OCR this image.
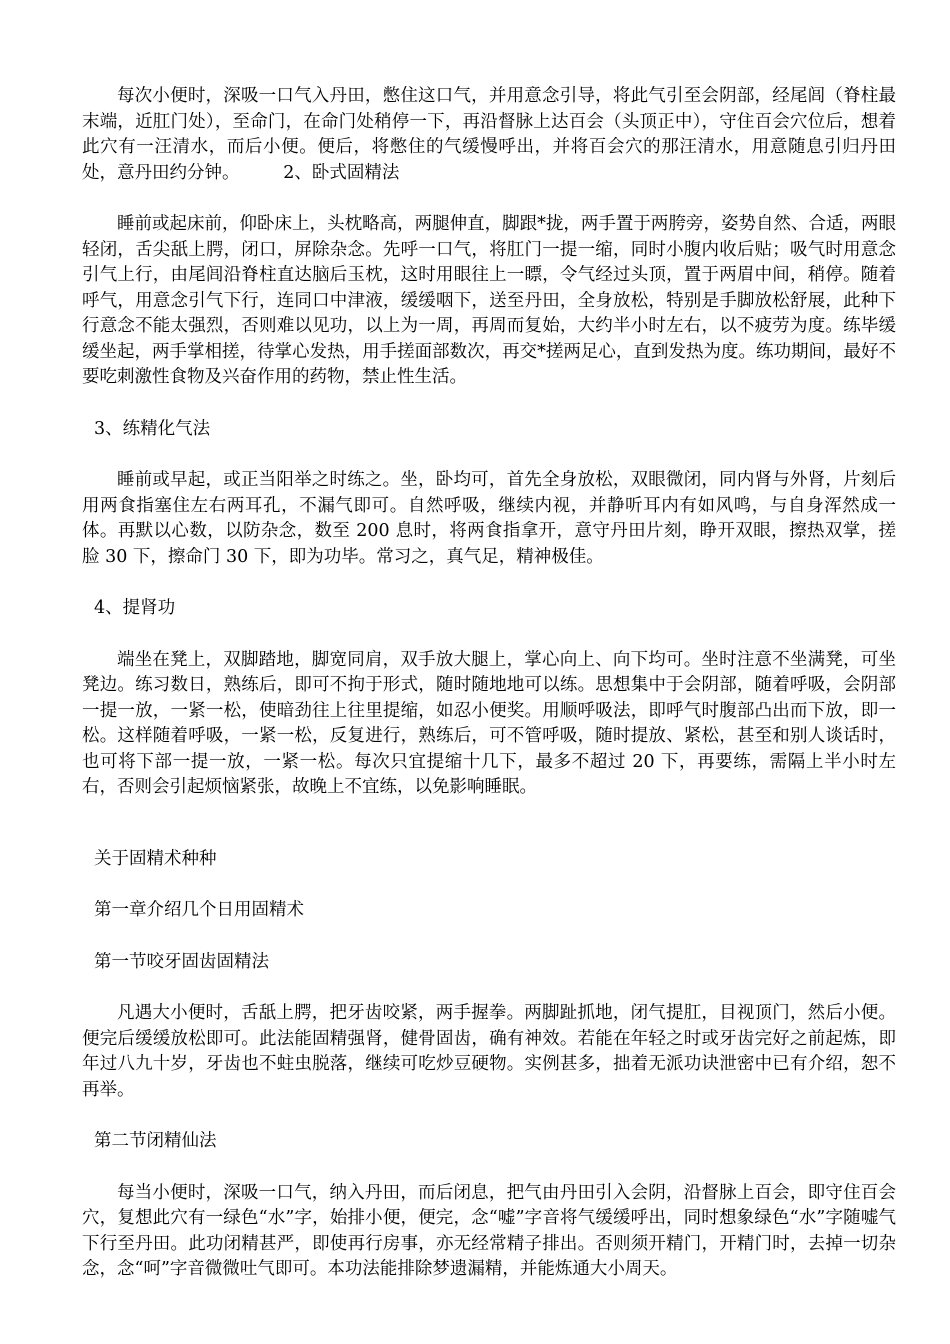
每次小便时，深吸一口气入丹田，憋住这口气，并用意念引导，将此气引至会阴部，经尾闾（脊柱最末端，近肛门处），至命门，在命门处稍停一下，再沿督脉上达百会（头顶正中），守住百会穴位后，想着此穴有一汪清水，而后小便。便后，将憋住的气缓慢呼出，并将百会穴的那汪清水，用意随息引归丹田处，意丹田约分钟。　　　2、卧式固精法

睡前或起床前，仰卧床上，头枕略高，两腿伸直，脚跟*拢，两手置于两胯旁，姿势自然、合适，两眼轻闭，舌尖舐上腭，闭口，屏除杂念。先呼一口气，将肛门一提一缩，同时小腹内收后贴；吸气时用意念引气上行，由尾闾沿脊柱直达脑后玉枕，这时用眼往上一瞟，令气经过头顶，置于两眉中间，稍停。随着呼气，用意念引气下行，连同口中津液，缓缓咽下，送至丹田，全身放松，特别是手脚放松舒展，此种下行意念不能太强烈，否则难以见功，以上为一周，再周而复始，大约半小时左右，以不疲劳为度。练毕缓缓坐起，两手掌相搓，待掌心发热，用手搓面部数次，再交*搓两足心，直到发热为度。练功期间，最好不要吃刺激性食物及兴奋作用的药物，禁止性生活。

3、练精化气法

睡前或早起，或正当阳举之时练之。坐，卧均可，首先全身放松，双眼微闭，同内肾与外肾，片刻后用两食指塞住左右两耳孔，不漏气即可。自然呼吸，继续内视，并静听耳内有如风鸣，与自身浑然成一体。再默以心数，以防杂念，数至 200 息时，将两食指拿开，意守丹田片刻，睁开双眼，擦热双掌，搓脸 30 下，擦命门 30 下，即为功毕。常习之，真气足，精神极佳。

4、提肾功

端坐在凳上，双脚踏地，脚宽同肩，双手放大腿上，掌心向上、向下均可。坐时注意不坐满凳，可坐凳边。练习数日，熟练后，即可不拘于形式，随时随地地可以练。思想集中于会阴部，随着呼吸，会阴部一提一放，一紧一松，使暗劲往上往里提缩，如忍小便奖。用顺呼吸法，即呼气时腹部凸出而下放，即一松。这样随着呼吸，一紧一松，反复进行，熟练后，可不管呼吸，随时提放、紧松，甚至和别人谈话时，也可将下部一提一放，一紧一松。每次只宜提缩十几下，最多不超过 20 下，再要练，需隔上半小时左右，否则会引起烦恼紧张，故晚上不宜练，以免影响睡眠。

关于固精术种种

第一章介绍几个日用固精术

第一节咬牙固齿固精法

凡遇大小便时，舌舐上腭，把牙齿咬紧，两手握拳。两脚趾抓地，闭气提肛，目视顶门，然后小便。便完后缓缓放松即可。此法能固精强肾，健骨固齿，确有神效。若能在年轻之时或牙齿完好之前起炼，即年过八九十岁，牙齿也不蛀虫脱落，继续可吃炒豆硬物。实例甚多，拙着无派功诀泄密中已有介绍，恕不再举。

第二节闭精仙法

每当小便时，深吸一口气，纳入丹田，而后闭息，把气由丹田引入会阴，沿督脉上百会，即守住百会穴，复想此穴有一绿色“水”字，始排小便，便完，念“嘘”字音将气缓缓呼出，同时想象绿色“水”字随嘘气下行至丹田。此功闭精甚严，即使再行房事，亦无经常精子排出。否则须开精门，开精门时，去掉一切杂念，念“呵”字音微微吐气即可。本功法能排除梦遗漏精，并能炼通大小周天。
